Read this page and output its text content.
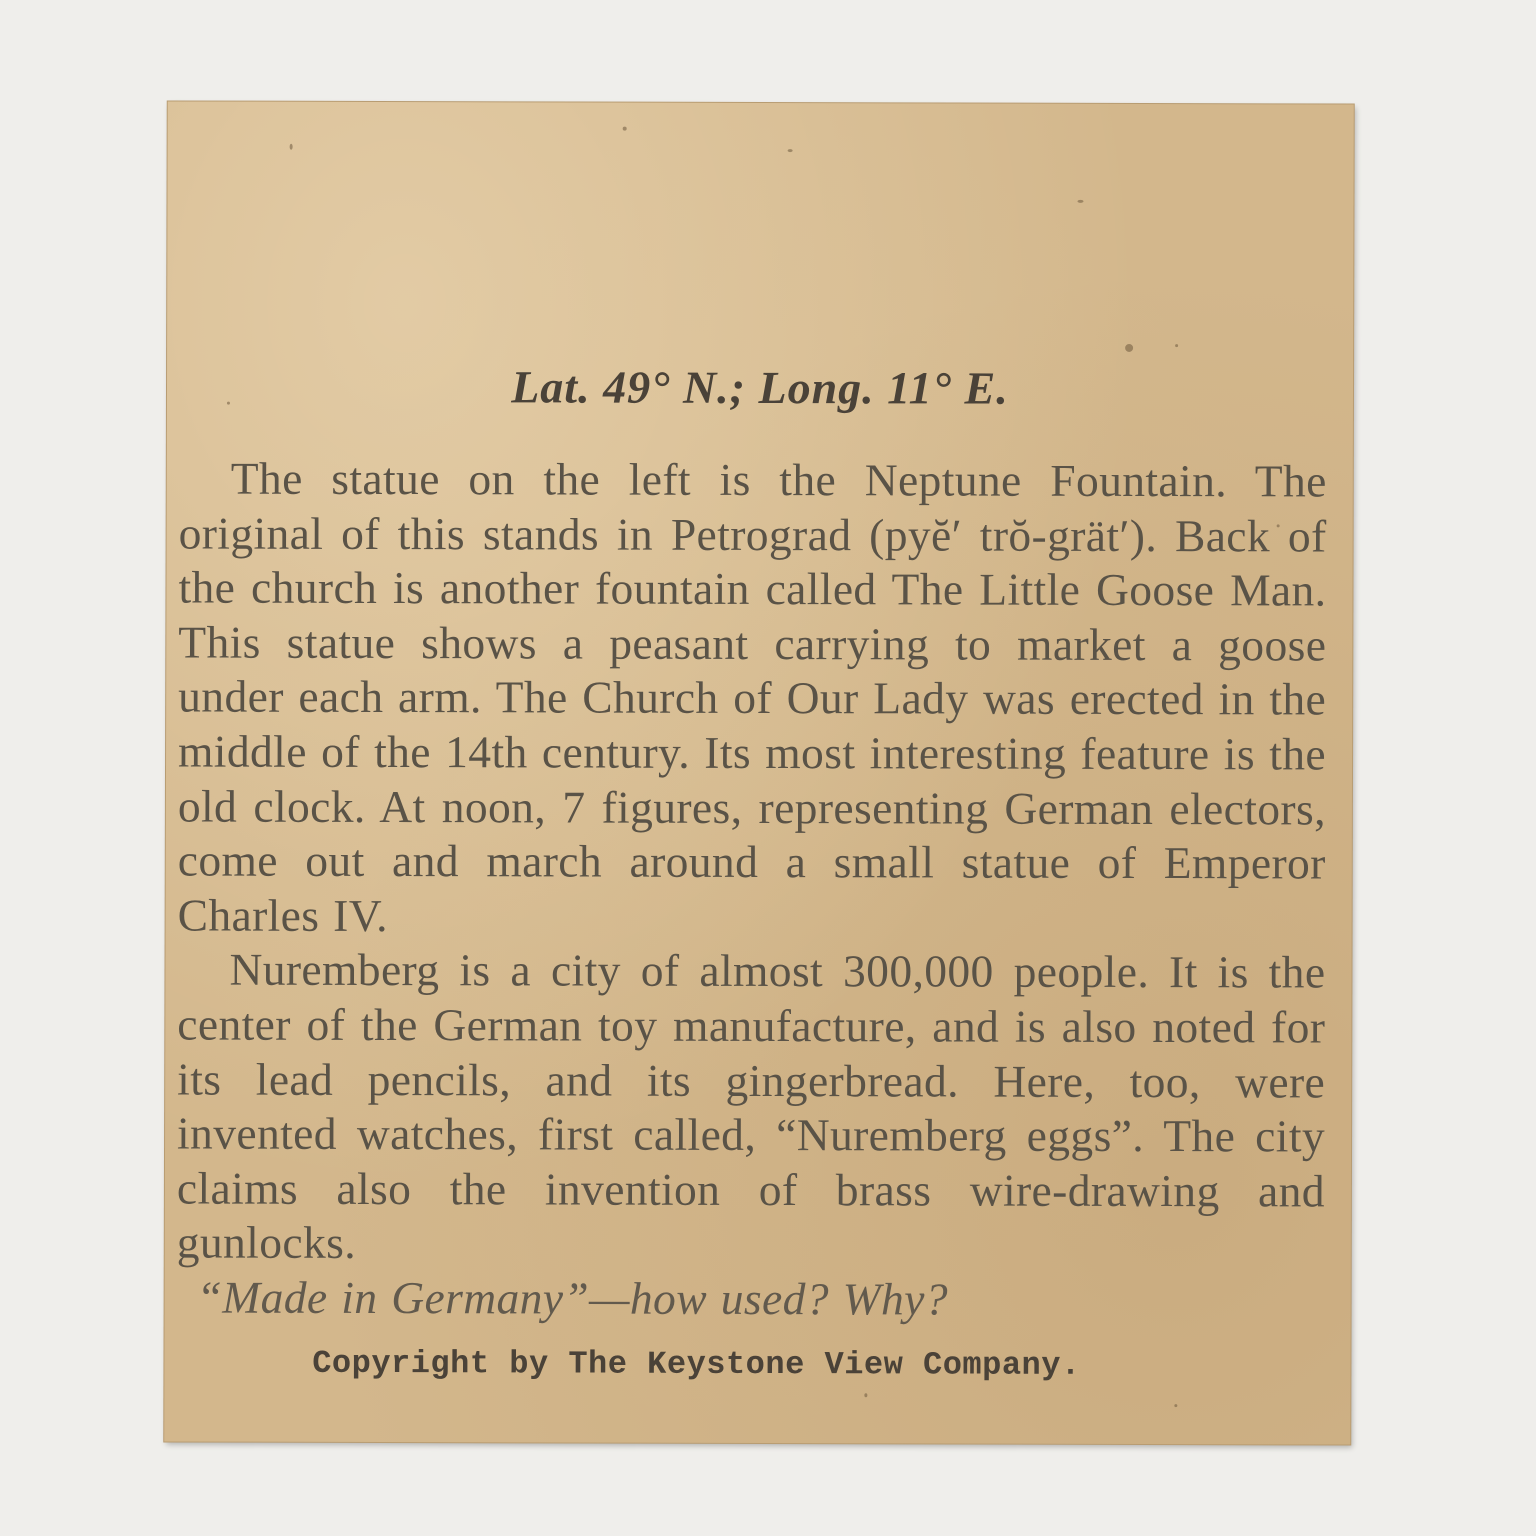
Lat. 49° N.; Long. 11° E.

The statue on the left is the Neptune Fountain. The original of this stands in Petrograd (pyĕ′ trŏ-grät′). Back of the church is another fountain called The Little Goose Man. This statue shows a peasant carrying to market a goose under each arm. The Church of Our Lady was erected in the middle of the 14th century. Its most interesting feature is the old clock. At noon, 7 figures, representing German electors, come out and march around a small statue of Emperor Charles IV.

Nuremberg is a city of almost 300,000 people. It is the center of the German toy manufacture, and is also noted for its lead pencils, and its gingerbread. Here, too, were invented watches, first called, “Nuremberg eggs”. The city claims also the invention of brass wire-drawing and gunlocks.

“Made in Germany”—how used? Why?

Copyright by The Keystone View Company.
